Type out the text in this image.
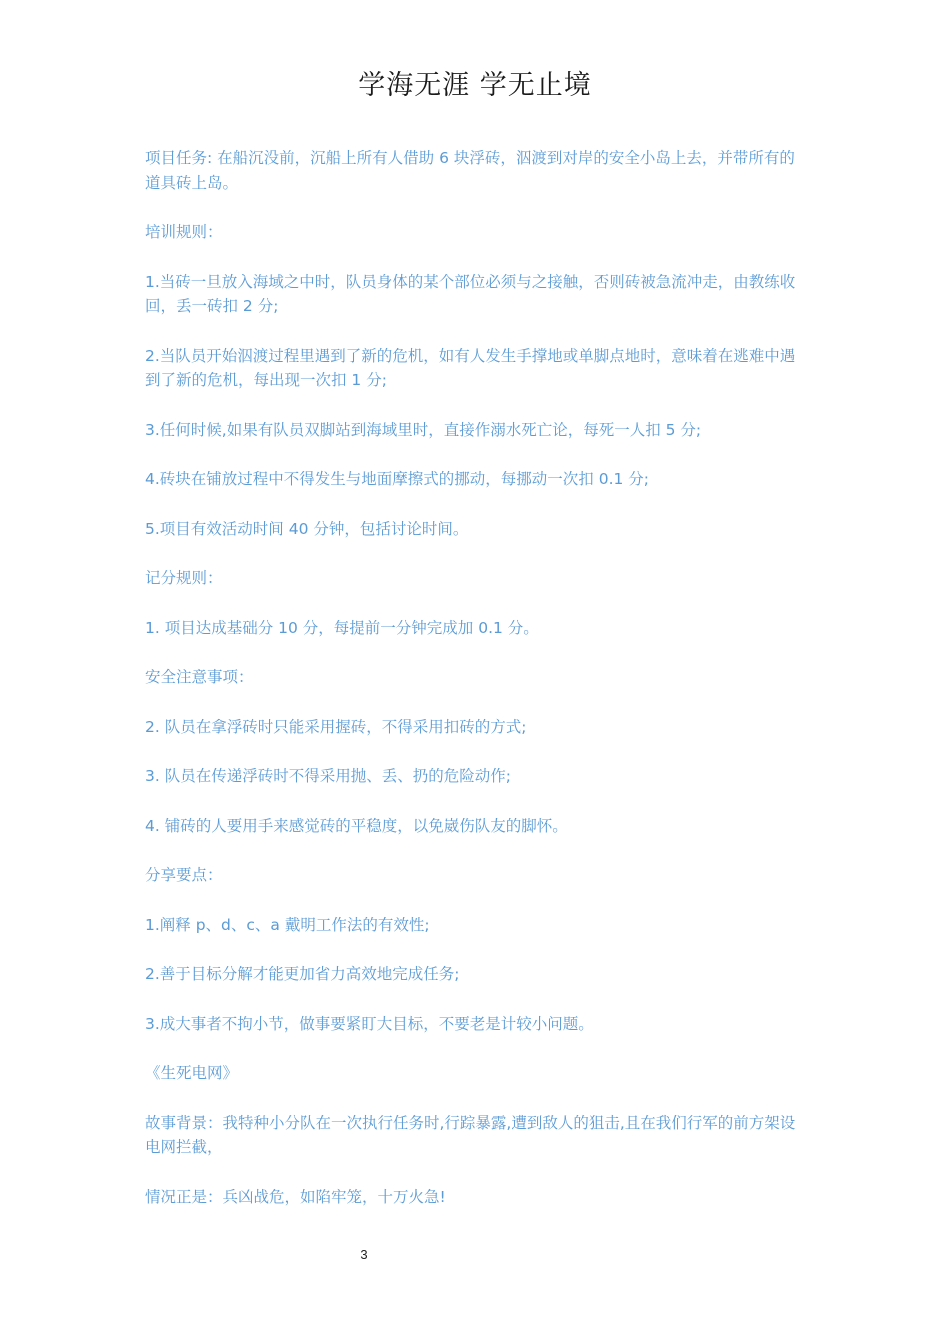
学海无涯 学无止境

项目任务: 在船沉没前，沉船上所有人借助 6 块浮砖，泅渡到对岸的安全小岛上去，并带所有的道具砖上岛。

培训规则：

1.当砖一旦放入海域之中时，队员身体的某个部位必须与之接触，否则砖被急流冲走，由教练收回，丢一砖扣 2 分;

2.当队员开始泅渡过程里遇到了新的危机，如有人发生手撑地或单脚点地时，意味着在逃难中遇到了新的危机，每出现一次扣 1 分;

3.任何时候,如果有队员双脚站到海域里时，直接作溺水死亡论，每死一人扣 5 分;

4.砖块在铺放过程中不得发生与地面摩擦式的挪动，每挪动一次扣 0.1 分;

5.项目有效活动时间 40 分钟，包括讨论时间。

记分规则：

1. 项目达成基础分 10 分，每提前一分钟完成加 0.1 分。

安全注意事项：

2. 队员在拿浮砖时只能采用握砖，不得采用扣砖的方式;

3. 队员在传递浮砖时不得采用抛、丢、扔的危险动作;

4. 铺砖的人要用手来感觉砖的平稳度，以免崴伤队友的脚怀。

分享要点：

1.阐释 p、d、c、a 戴明工作法的有效性;

2.善于目标分解才能更加省力高效地完成任务;

3.成大事者不拘小节，做事要紧盯大目标，不要老是计较小问题。

《生死电网》

故事背景：我特种小分队在一次执行任务时,行踪暴露,遭到敌人的狙击,且在我们行军的前方架设电网拦截，

情况正是：兵凶战危，如陷牢笼，十万火急!

3
